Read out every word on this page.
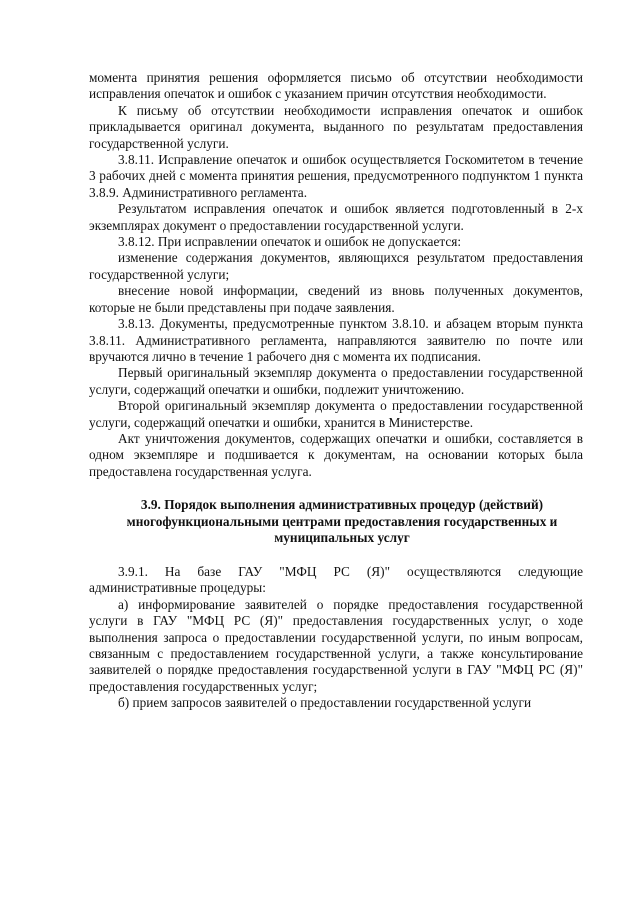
момента принятия решения оформляется письмо об отсутствии необходимости исправления опечаток и ошибок с указанием причин отсутствия необходимости.

К письму об отсутствии необходимости исправления опечаток и ошибок прикладывается оригинал документа, выданного по результатам предоставления государственной услуги.

3.8.11. Исправление опечаток и ошибок осуществляется Госкомитетом в течение 3 рабочих дней с момента принятия решения, предусмотренного подпунктом 1 пункта 3.8.9. Административного регламента.

Результатом исправления опечаток и ошибок является подготовленный в 2-х экземплярах документ о предоставлении государственной услуги.

3.8.12. При исправлении опечаток и ошибок не допускается:

изменение содержания документов, являющихся результатом предоставления государственной услуги;

внесение новой информации, сведений из вновь полученных документов, которые не были представлены при подаче заявления.

3.8.13. Документы, предусмотренные пунктом 3.8.10. и абзацем вторым пункта 3.8.11. Административного регламента, направляются заявителю по почте или вручаются лично в течение 1 рабочего дня с момента их подписания.

Первый оригинальный экземпляр документа о предоставлении государственной услуги, содержащий опечатки и ошибки, подлежит уничтожению.

Второй оригинальный экземпляр документа о предоставлении государственной услуги, содержащий опечатки и ошибки, хранится в Министерстве.

Акт уничтожения документов, содержащих опечатки и ошибки, составляется в одном экземпляре и подшивается к документам, на основании которых была предоставлена государственная услуга.

3.9. Порядок выполнения административных процедур (действий) многофункциональными центрами предоставления государственных и муниципальных услуг

3.9.1. На базе ГАУ "МФЦ РС (Я)" осуществляются следующие административные процедуры:

а) информирование заявителей о порядке предоставления государственной услуги в ГАУ "МФЦ РС (Я)" предоставления государственных услуг, о ходе выполнения запроса о предоставлении государственной услуги, по иным вопросам, связанным с предоставлением государственной услуги, а также консультирование заявителей о порядке предоставления государственной услуги в ГАУ "МФЦ РС (Я)" предоставления государственных услуг;

б) прием запросов заявителей о предоставлении государственной услуги
